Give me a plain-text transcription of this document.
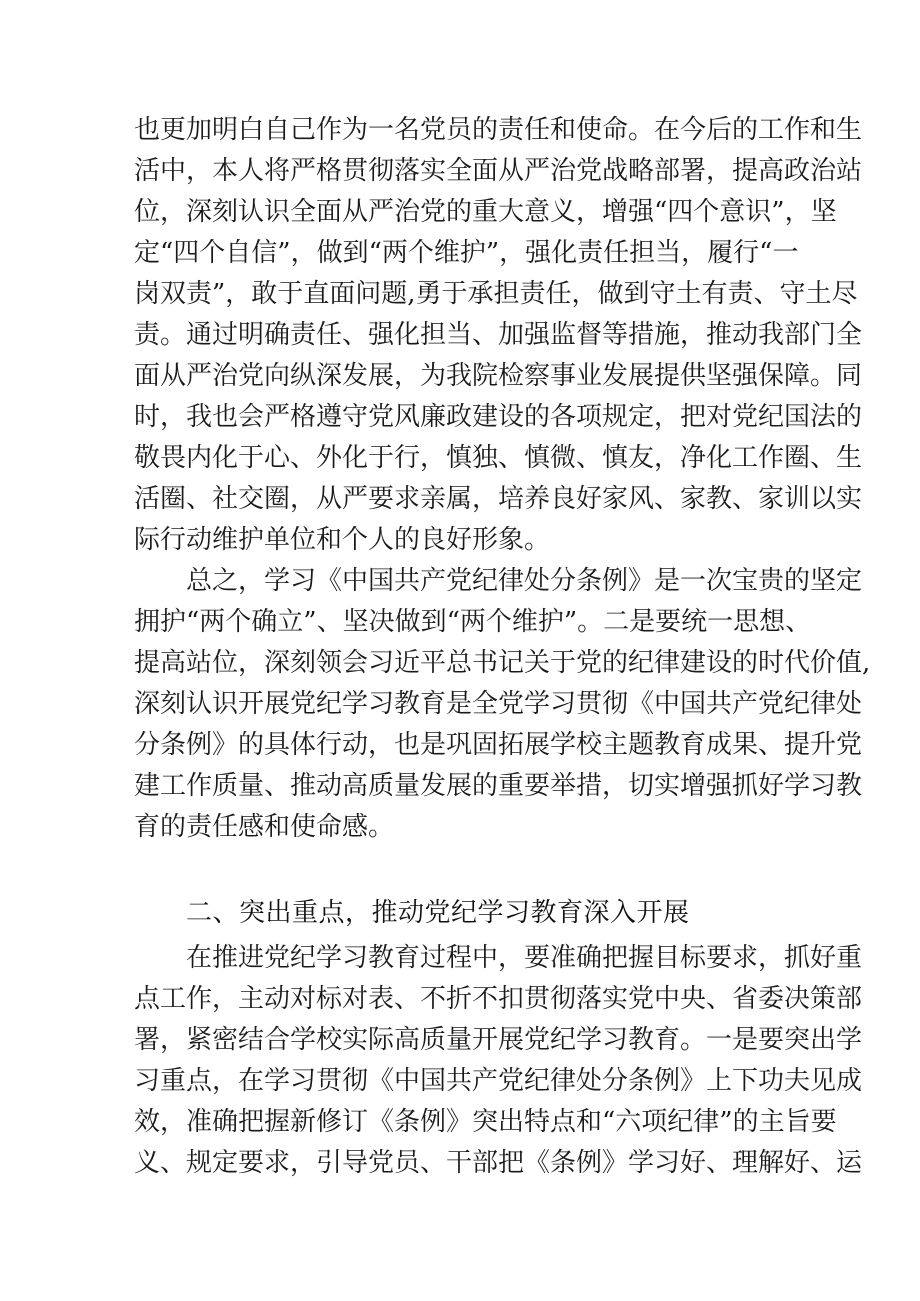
也更加明白自己作为一名党员的责任和使命。在今后的工作和生
活中，本人将严格贯彻落实全面从严治党战略部署，提高政治站
位，深刻认识全面从严治党的重大意义，增强“四个意识”，坚
定“四个自信”，做到“两个维护”，强化责任担当，履行“一
岗双责”，敢于直面问题,勇于承担责任，做到守土有责、守土尽
责。通过明确责任、强化担当、加强监督等措施，推动我部门全
面从严治党向纵深发展，为我院检察事业发展提供坚强保障。同
时，我也会严格遵守党风廉政建设的各项规定，把对党纪国法的
敬畏内化于心、外化于行，慎独、慎微、慎友，净化工作圈、生
活圈、社交圈，从严要求亲属，培养良好家风、家教、家训以实
际行动维护单位和个人的良好形象。
总之，学习《中国共产党纪律处分条例》是一次宝贵的坚定
拥护“两个确立”、坚决做到“两个维护”。二是要统一思想、
提高站位，深刻领会习近平总书记关于党的纪律建设的时代价值,
深刻认识开展党纪学习教育是全党学习贯彻《中国共产党纪律处
分条例》的具体行动，也是巩固拓展学校主题教育成果、提升党
建工作质量、推动高质量发展的重要举措，切实增强抓好学习教
育的责任感和使命感。
二、突出重点，推动党纪学习教育深入开展
在推进党纪学习教育过程中，要准确把握目标要求，抓好重
点工作，主动对标对表、不折不扣贯彻落实党中央、省委决策部
署，紧密结合学校实际高质量开展党纪学习教育。一是要突出学
习重点，在学习贯彻《中国共产党纪律处分条例》上下功夫见成
效，准确把握新修订《条例》突出特点和“六项纪律”的主旨要
义、规定要求，引导党员、干部把《条例》学习好、理解好、运
